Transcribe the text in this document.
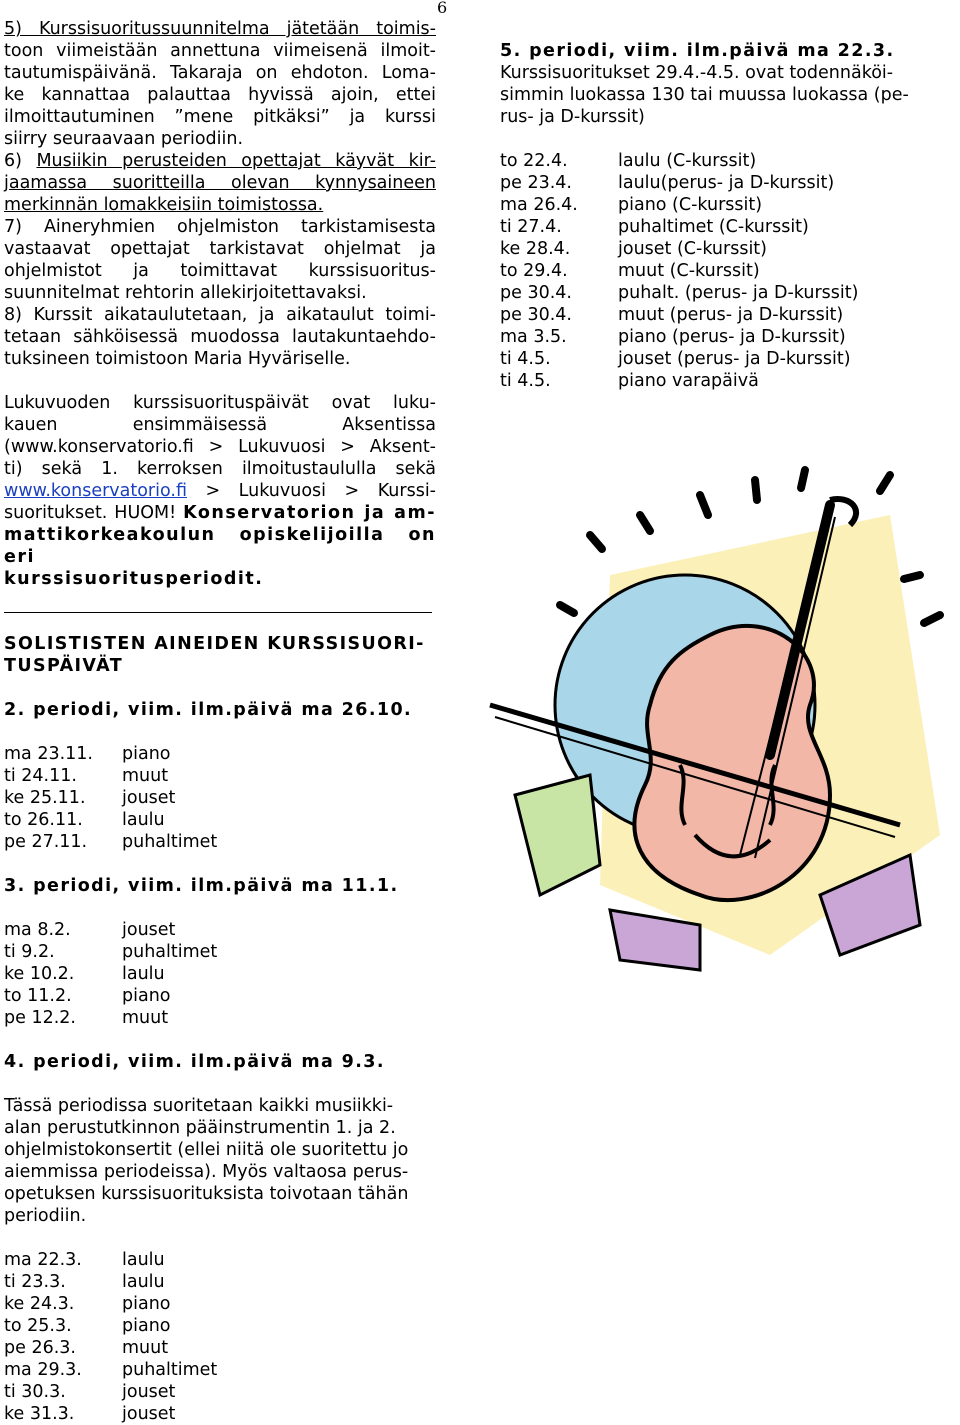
6

5) Kurssisuoritussuunnitelma jätetään toimis-

toon viimeistään annettuna viimeisenä ilmoit-

tautumispäivänä. Takaraja on ehdoton. Loma-

ke kannattaa palauttaa hyvissä ajoin, ettei

ilmoittautuminen ”mene pitkäksi” ja kurssi

siirry seuraavaan periodiin.

6) Musiikin perusteiden opettajat käyvät kir-

jaamassa suoritteilla olevan kynnysaineen

merkinnän lomakkeisiin toimistossa.

7) Aineryhmien ohjelmiston tarkistamisesta

vastaavat opettajat tarkistavat ohjelmat ja

ohjelmistot ja toimittavat kurssisuoritus-

suunnitelmat rehtorin allekirjoitettavaksi.

8) Kurssit aikataulutetaan, ja aikataulut toimi-

tetaan sähköisessä muodossa lautakuntaehdo-

tuksineen toimistoon Maria Hyväriselle.

Lukuvuoden kurssisuorituspäivät ovat luku-

kauen ensimmäisessä Aksentissa

(www.konservatorio.fi > Lukuvuosi > Aksent-

ti) sekä 1. kerroksen ilmoitustaululla sekä

www.konservatorio.fi > Lukuvuosi > Kurssi-

suoritukset. HUOM! Konservatorion ja am-

mattikorkeakoulun opiskelijoilla on eri

kurssisuoritusperiodit.

SOLISTISTEN AINEIDEN KURSSISUORI-

TUSPÄIVÄT

2. periodi, viim. ilm.päivä ma 26.10.

ma 23.11.	piano
ti 24.11.	muut
ke 25.11.	jouset
to 26.11.	laulu
pe 27.11.	puhaltimet

3. periodi, viim. ilm.päivä ma 11.1.

ma 8.2.	jouset
ti 9.2.	puhaltimet
ke 10.2.	laulu
to 11.2.	piano
pe 12.2.	muut

4. periodi, viim. ilm.päivä ma 9.3.

Tässä periodissa suoritetaan kaikki musiikki-

alan perustutkinnon pääinstrumentin 1. ja 2.

ohjelmistokonsertit (ellei niitä ole suoritettu jo

aiemmissa periodeissa). Myös valtaosa perus-

opetuksen kurssisuorituksista toivotaan tähän

periodiin.

ma 22.3.	laulu
ti 23.3.	laulu
ke 24.3.	piano
to 25.3.	piano
pe 26.3.	muut
ma 29.3.	puhaltimet
ti 30.3.	jouset
ke 31.3.	jouset

5. periodi, viim. ilm.päivä ma 22.3.

Kurssisuoritukset 29.4.-4.5. ovat todennäköi-

simmin luokassa 130 tai muussa luokassa (pe-

rus- ja D-kurssit)

to 22.4.	laulu (C-kurssit)
pe 23.4.	laulu(perus- ja D-kurssit)
ma 26.4.	piano (C-kurssit)
ti 27.4.	puhaltimet (C-kurssit)
ke 28.4.	jouset (C-kurssit)
to 29.4.	muut (C-kurssit)
pe 30.4.	puhalt. (perus- ja D-kurssit)
pe 30.4.	muut (perus- ja D-kurssit)
ma 3.5.	piano (perus- ja D-kurssit)
ti 4.5.	jouset (perus- ja D-kurssit)
ti 4.5.	piano varapäivä
